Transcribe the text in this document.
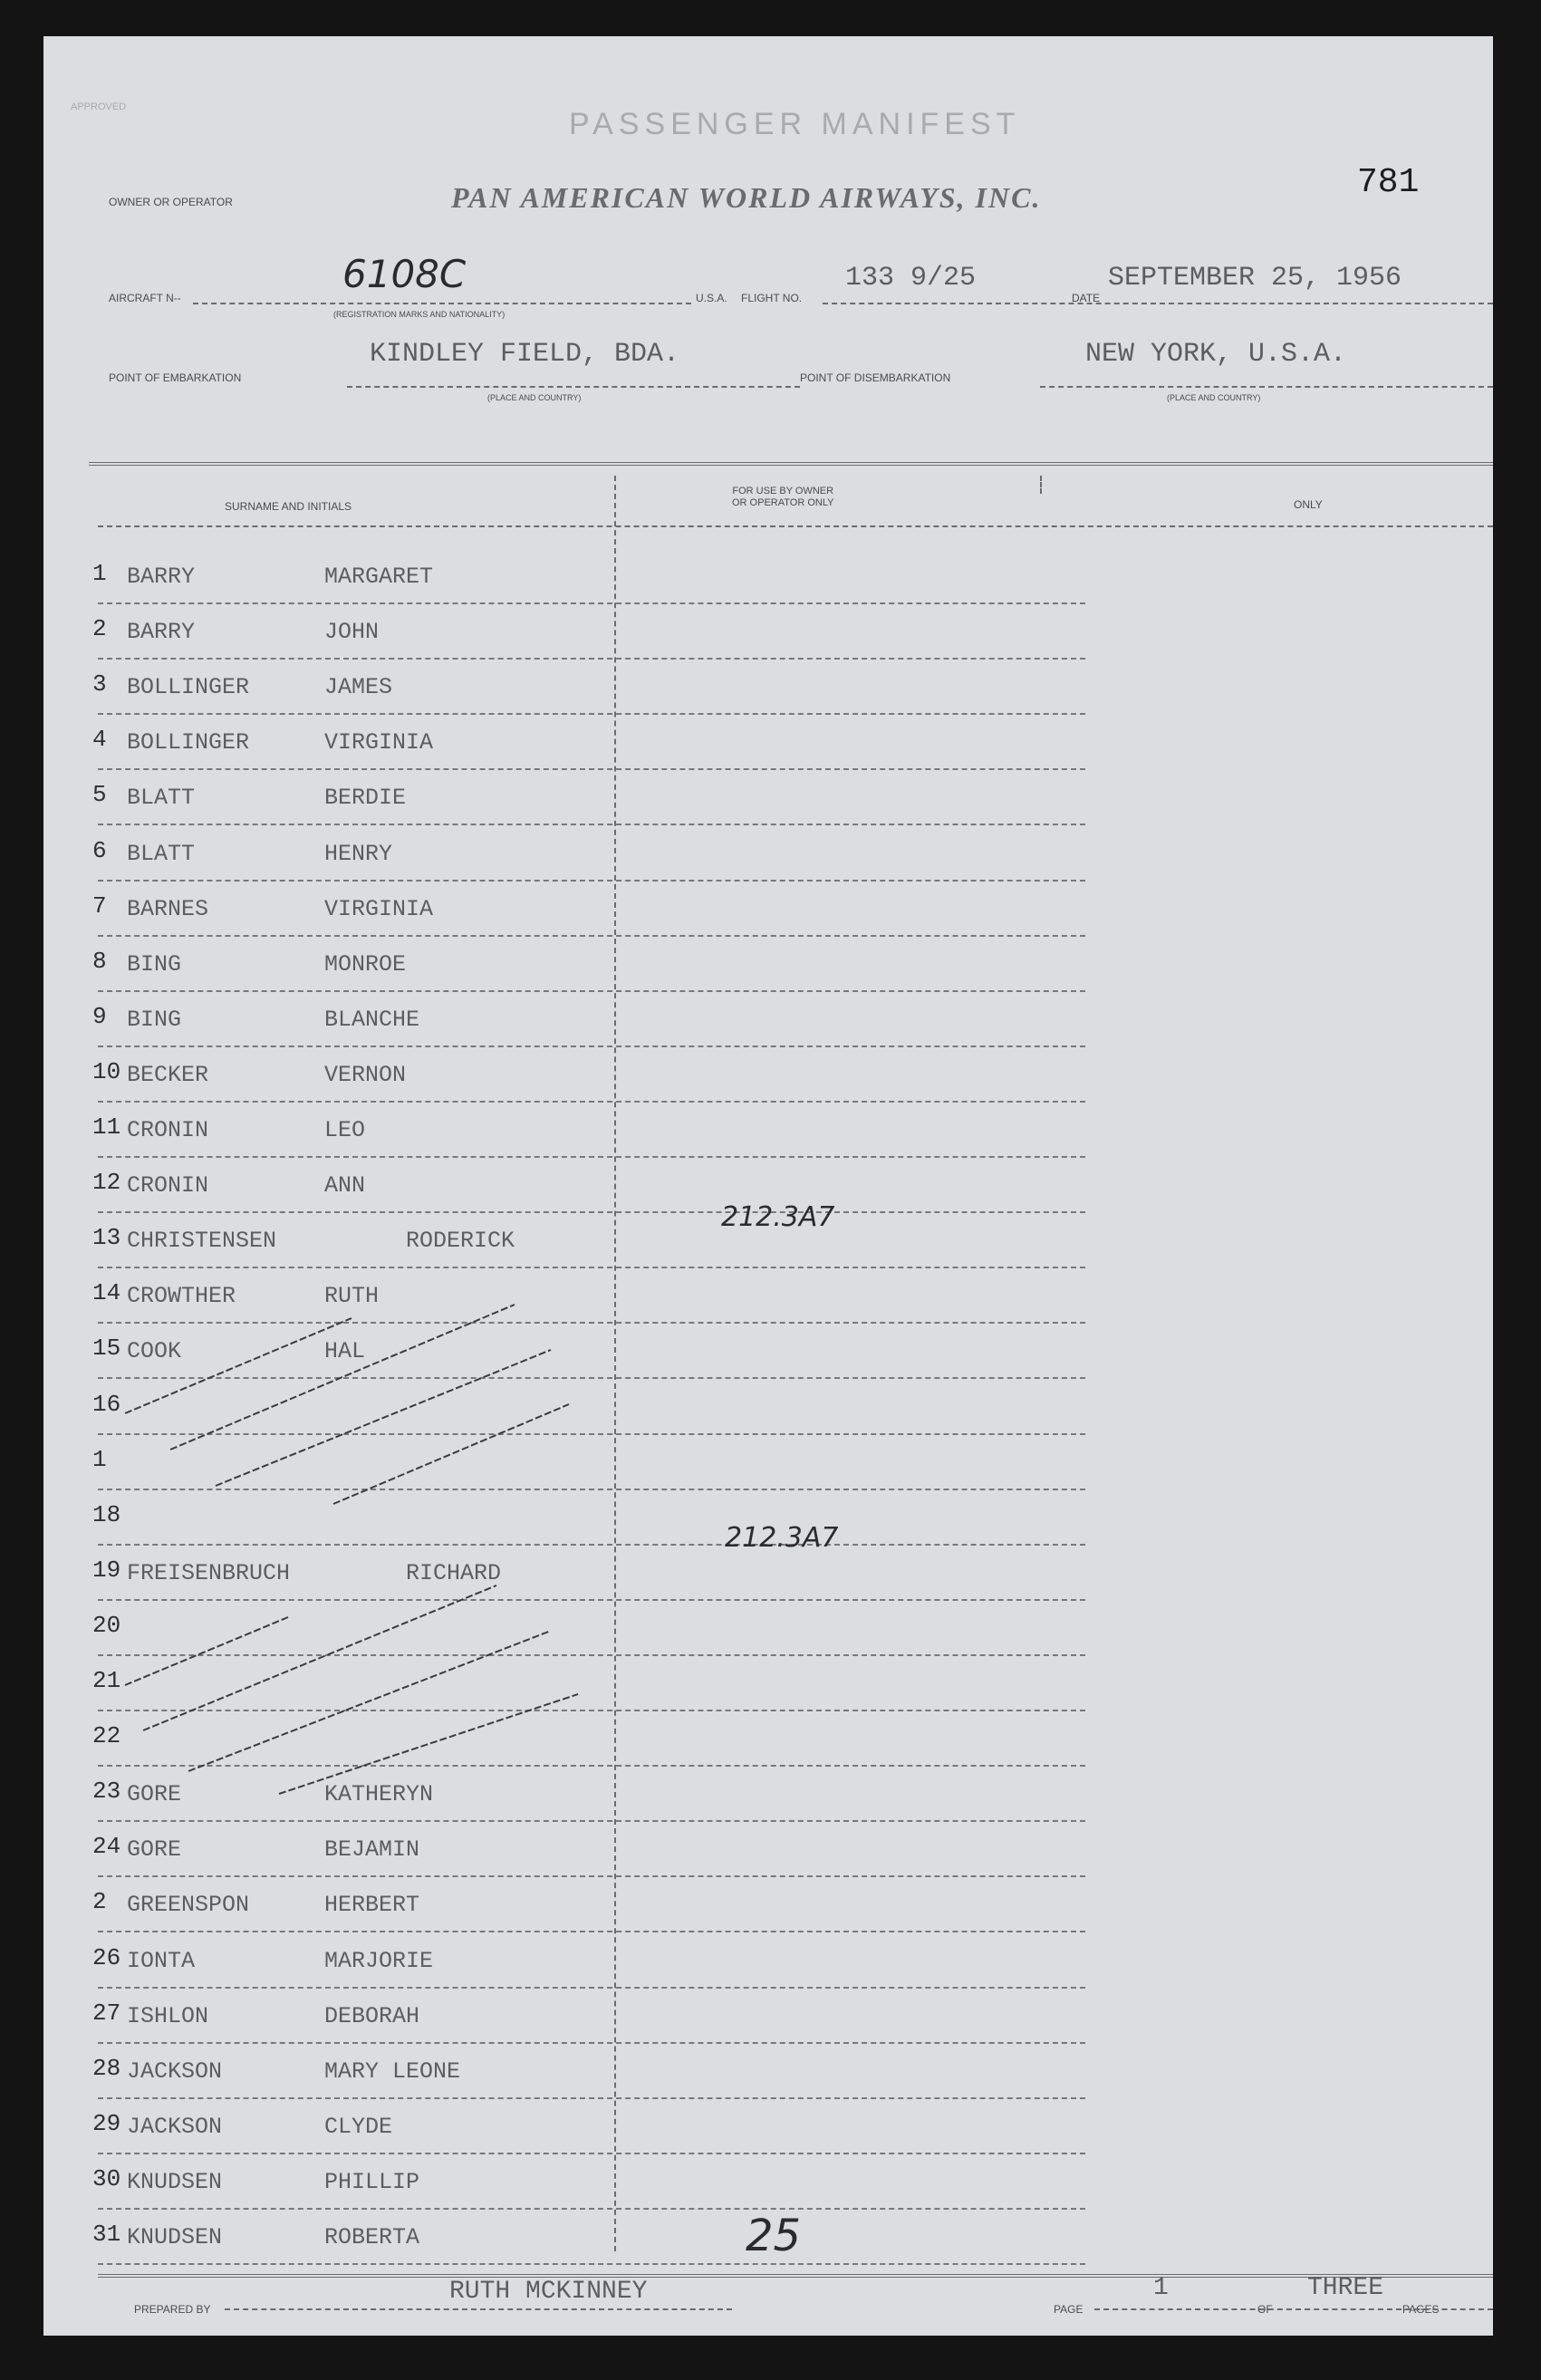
APPROVED	PASSENGER MANIFEST
OWNER OR OPERATOR	PAN AMERICAN WORLD AIRWAYS, INC.	781
AIRCRAFT N--
6108C
(REGISTRATION MARKS AND NATIONALITY)
U.S.A. FLIGHT NO.
133 9/25
DATE
SEPTEMBER 25, 1956
POINT OF EMBARKATION
KINDLEY FIELD, BDA.
(PLACE AND COUNTRY)
POINT OF DISEMBARKATION
NEW YORK, U.S.A.
(PLACE AND COUNTRY)
SURNAME AND INITIALS
FOR USE BY OWNER
OR OPERATOR ONLY	ONLY
1 BARRY	MARGARET
2 BARRY	JOHN
3 BOLLINGER	JAMES
4 BOLLINGER	VIRGINIA
5 BLATT	BERDIE
6 BLATT	HENRY
7 BARNES	VIRGINIA
8 BING	MONROE
9 BING	BLANCHE
10 BECKER	VERNON
11 CRONIN	LEO
12 CRONIN	ANN
13 CHRISTENSEN	RODERICK
14 CROWTHER	RUTH
15 COOK	HAL
16
1
18
19 FREISENBRUCH	RICHARD
20
21
22
23 GORE	KATHERYN
24 GORE	BEJAMIN
2 GREENSPON	HERBERT
26 IONTA	MARJORIE
27 ISHLON	DEBORAH
28 JACKSON	MARY LEONE
29 JACKSON	CLYDE
30 KNUDSEN	PHILLIP
31 KNUDSEN	ROBERTA
212.3A7
212.3A7
25
PREPARED BY
RUTH MCKINNEY
PAGE
1
OF
THREE
PAGES
